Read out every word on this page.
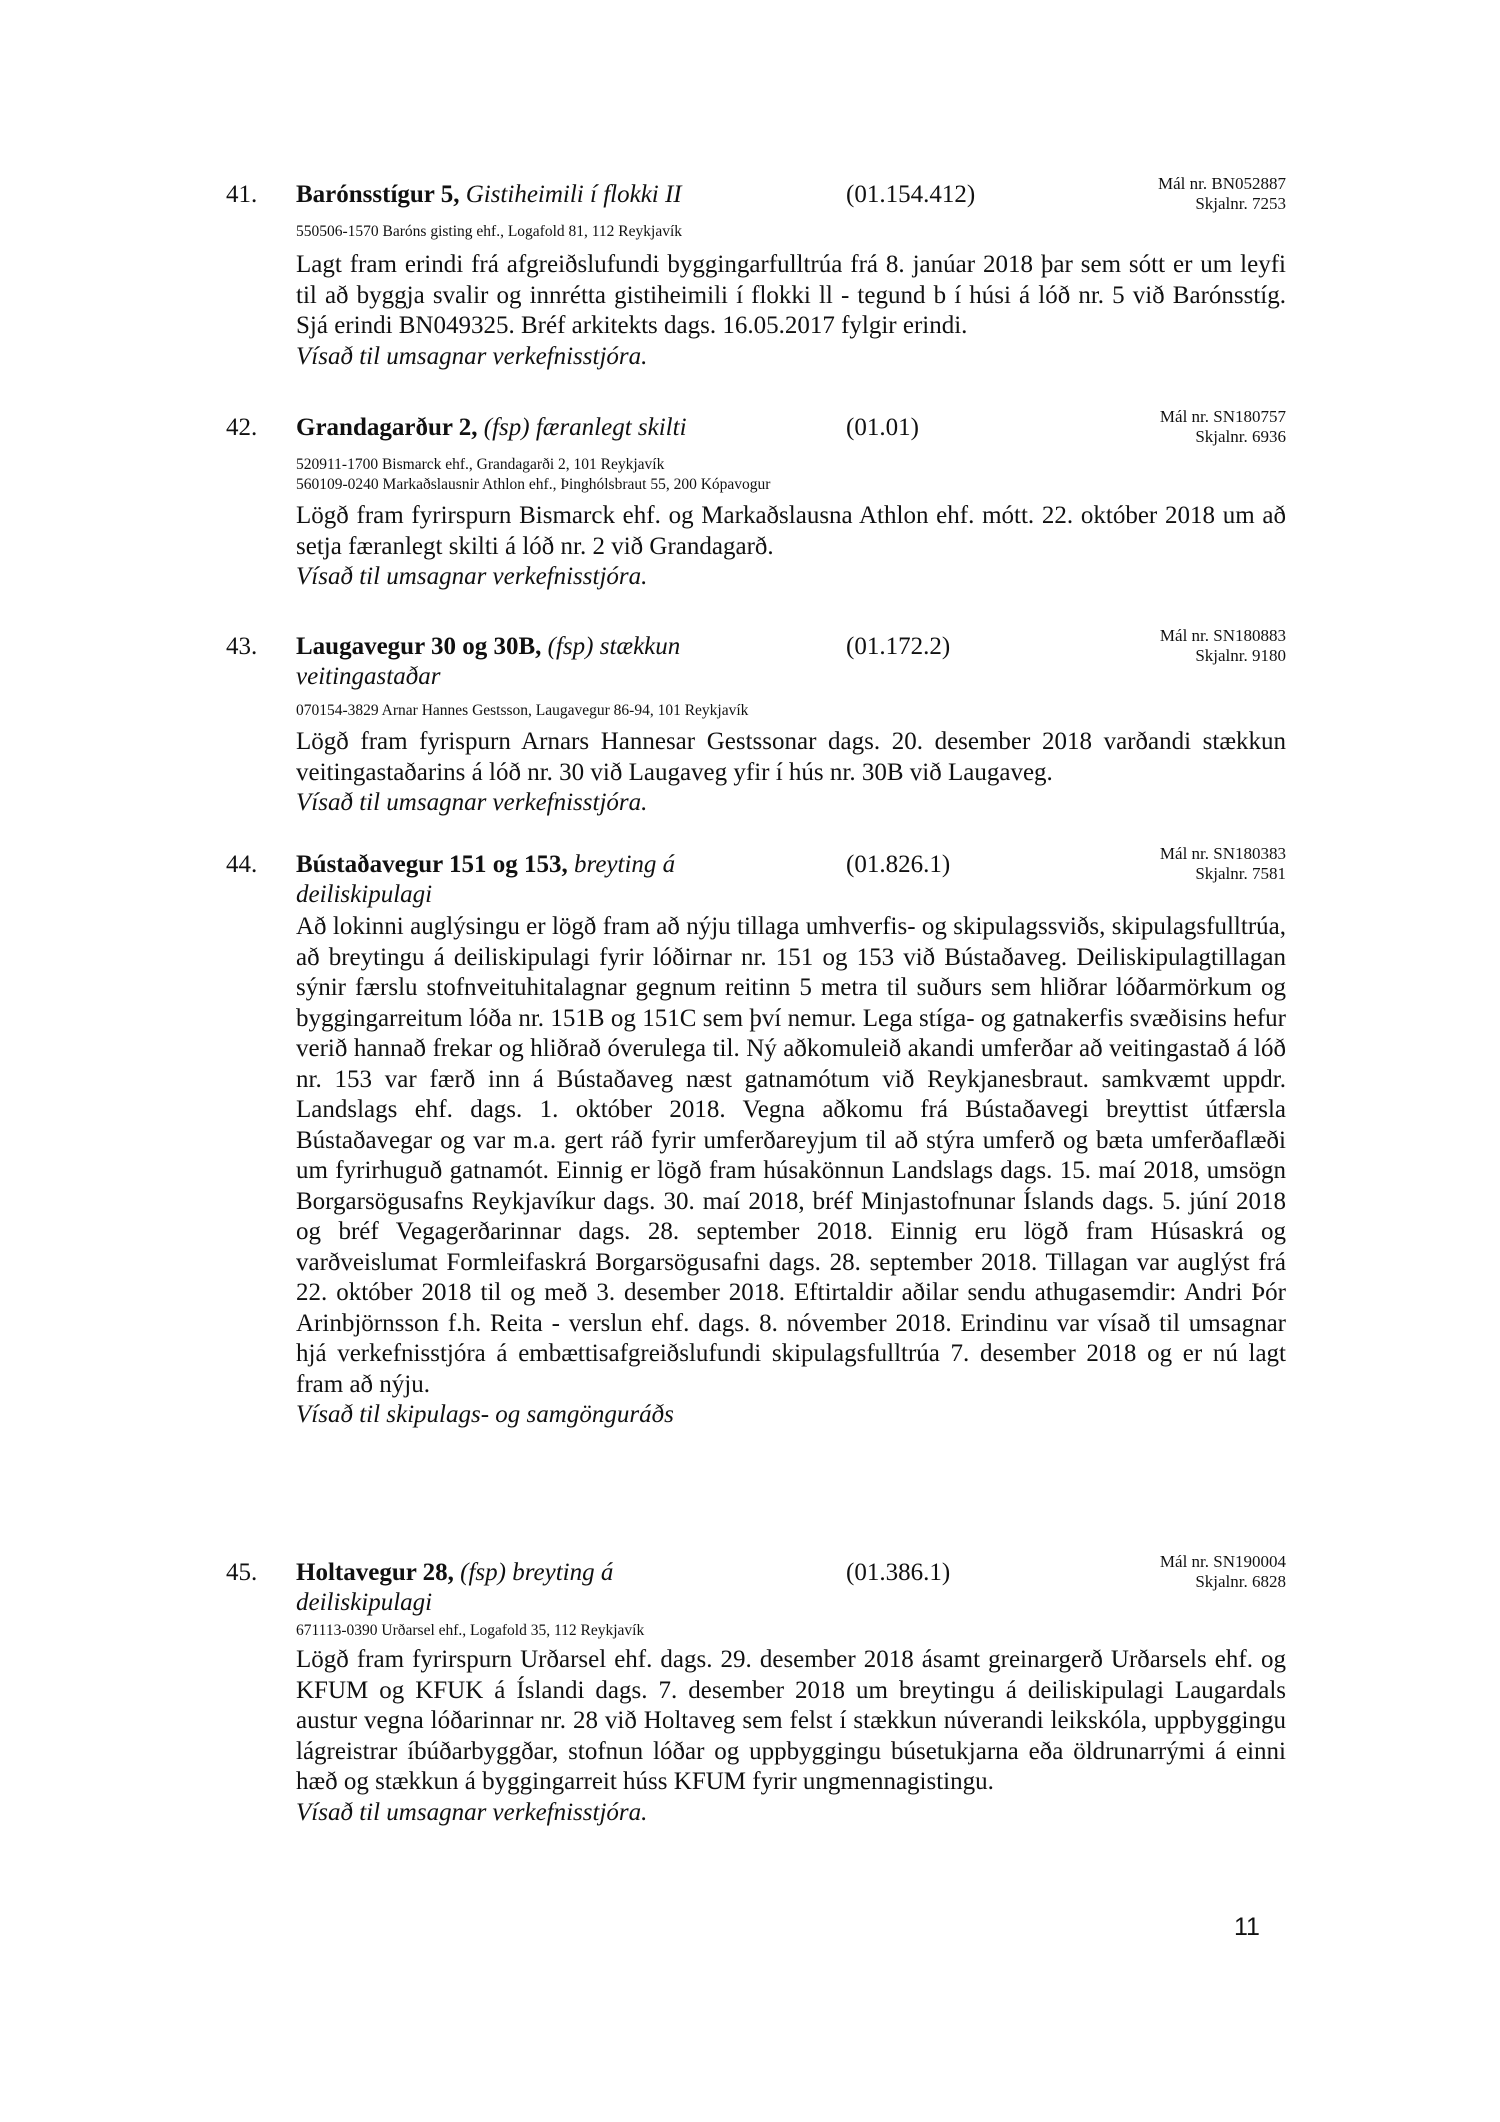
41. Barónsstígur 5, Gistiheimili í flokki II	(01.154.412)	Mál nr. BN052887
Skjalnr. 7253
550506-1570 Baróns gisting ehf., Logafold 81, 112 Reykjavík

Lagt fram erindi frá afgreiðslufundi byggingarfulltrúa frá 8. janúar 2018 þar sem sótt er um leyfi til að byggja svalir og innrétta gistiheimili í flokki ll - tegund b í húsi á lóð nr. 5 við Barónsstíg. Sjá erindi BN049325. Bréf arkitekts dags. 16.05.2017 fylgir erindi.

Vísað til umsagnar verkefnisstjóra.

42. Grandagarður 2, (fsp) færanlegt skilti	(01.01)	Mál nr. SN180757
Skjalnr. 6936
520911-1700 Bismarck ehf., Grandagarði 2, 101 Reykjavík
560109-0240 Markaðslausnir Athlon ehf., Þinghólsbraut 55, 200 Kópavogur

Lögð fram fyrirspurn Bismarck ehf. og Markaðslausna Athlon ehf. mótt. 22. október 2018 um að setja færanlegt skilti á lóð nr. 2 við Grandagarð.

Vísað til umsagnar verkefnisstjóra.

43. Laugavegur 30 og 30B, (fsp) stækkun veitingastaðar
(01.172.2)	Mál nr. SN180883
Skjalnr. 9180
070154-3829 Arnar Hannes Gestsson, Laugavegur 86-94, 101 Reykjavík

Lögð fram fyrispurn Arnars Hannesar Gestssonar dags. 20. desember 2018 varðandi stækkun veitingastaðarins á lóð nr. 30 við Laugaveg yfir í hús nr. 30B við Laugaveg.

Vísað til umsagnar verkefnisstjóra.

44. Bústaðavegur 151 og 153, breyting á deiliskipulagi
(01.826.1)	Mál nr. SN180383
Skjalnr. 7581

Að lokinni auglýsingu er lögð fram að nýju tillaga umhverfis- og skipulagssviðs, skipulagsfulltrúa, að breytingu á deiliskipulagi fyrir lóðirnar nr. 151 og 153 við Bústaðaveg. Deiliskipulagtillagan sýnir færslu stofnveituhitalagnar gegnum reitinn 5 metra til suðurs sem hliðrar lóðarmörkum og byggingarreitum lóða nr. 151B og 151C sem því nemur. Lega stíga- og gatnakerfis svæðisins hefur verið hannað frekar og hliðrað óverulega til. Ný aðkomuleið akandi umferðar að veitingastað á lóð nr. 153 var færð inn á Bústaðaveg næst gatnamótum við Reykjanesbraut. samkvæmt uppdr. Landslags ehf. dags. 1. október 2018. Vegna aðkomu frá Bústaðavegi breyttist útfærsla Bústaðavegar og var m.a. gert ráð fyrir umferðareyjum til að stýra umferð og bæta umferðaflæði um fyrirhuguð gatnamót. Einnig er lögð fram húsakönnun Landslags dags. 15. maí 2018, umsögn Borgarsögusafns Reykjavíkur dags. 30. maí 2018, bréf Minjastofnunar Íslands dags. 5. júní 2018 og bréf Vegagerðarinnar dags. 28. september 2018. Einnig eru lögð fram Húsaskrá og varðveislumat Formleifaskrá Borgarsögusafni dags. 28. september 2018. Tillagan var auglýst frá 22. október 2018 til og með 3. desember 2018. Eftirtaldir aðilar sendu athugasemdir: Andri Þór Arinbjörnsson f.h. Reita - verslun ehf. dags. 8. nóvember 2018. Erindinu var vísað til umsagnar hjá verkefnisstjóra á embættisafgreiðslufundi skipulagsfulltrúa 7. desember 2018 og er nú lagt fram að nýju.

Vísað til skipulags- og samgönguráðs

45. Holtavegur 28, (fsp) breyting á deiliskipulagi
(01.386.1)	Mál nr. SN190004
Skjalnr. 6828
671113-0390 Urðarsel ehf., Logafold 35, 112 Reykjavík

Lögð fram fyrirspurn Urðarsel ehf. dags. 29. desember 2018 ásamt greinargerð Urðarsels ehf. og KFUM og KFUK á Íslandi dags. 7. desember 2018 um breytingu á deiliskipulagi Laugardals austur vegna lóðarinnar nr. 28 við Holtaveg sem felst í stækkun núverandi leikskóla, uppbyggingu lágreistrar íbúðarbyggðar, stofnun lóðar og uppbyggingu búsetukjarna eða öldrunarrými á einni hæð og stækkun á byggingarreit húss KFUM fyrir ungmennagistingu.

Vísað til umsagnar verkefnisstjóra.

11
